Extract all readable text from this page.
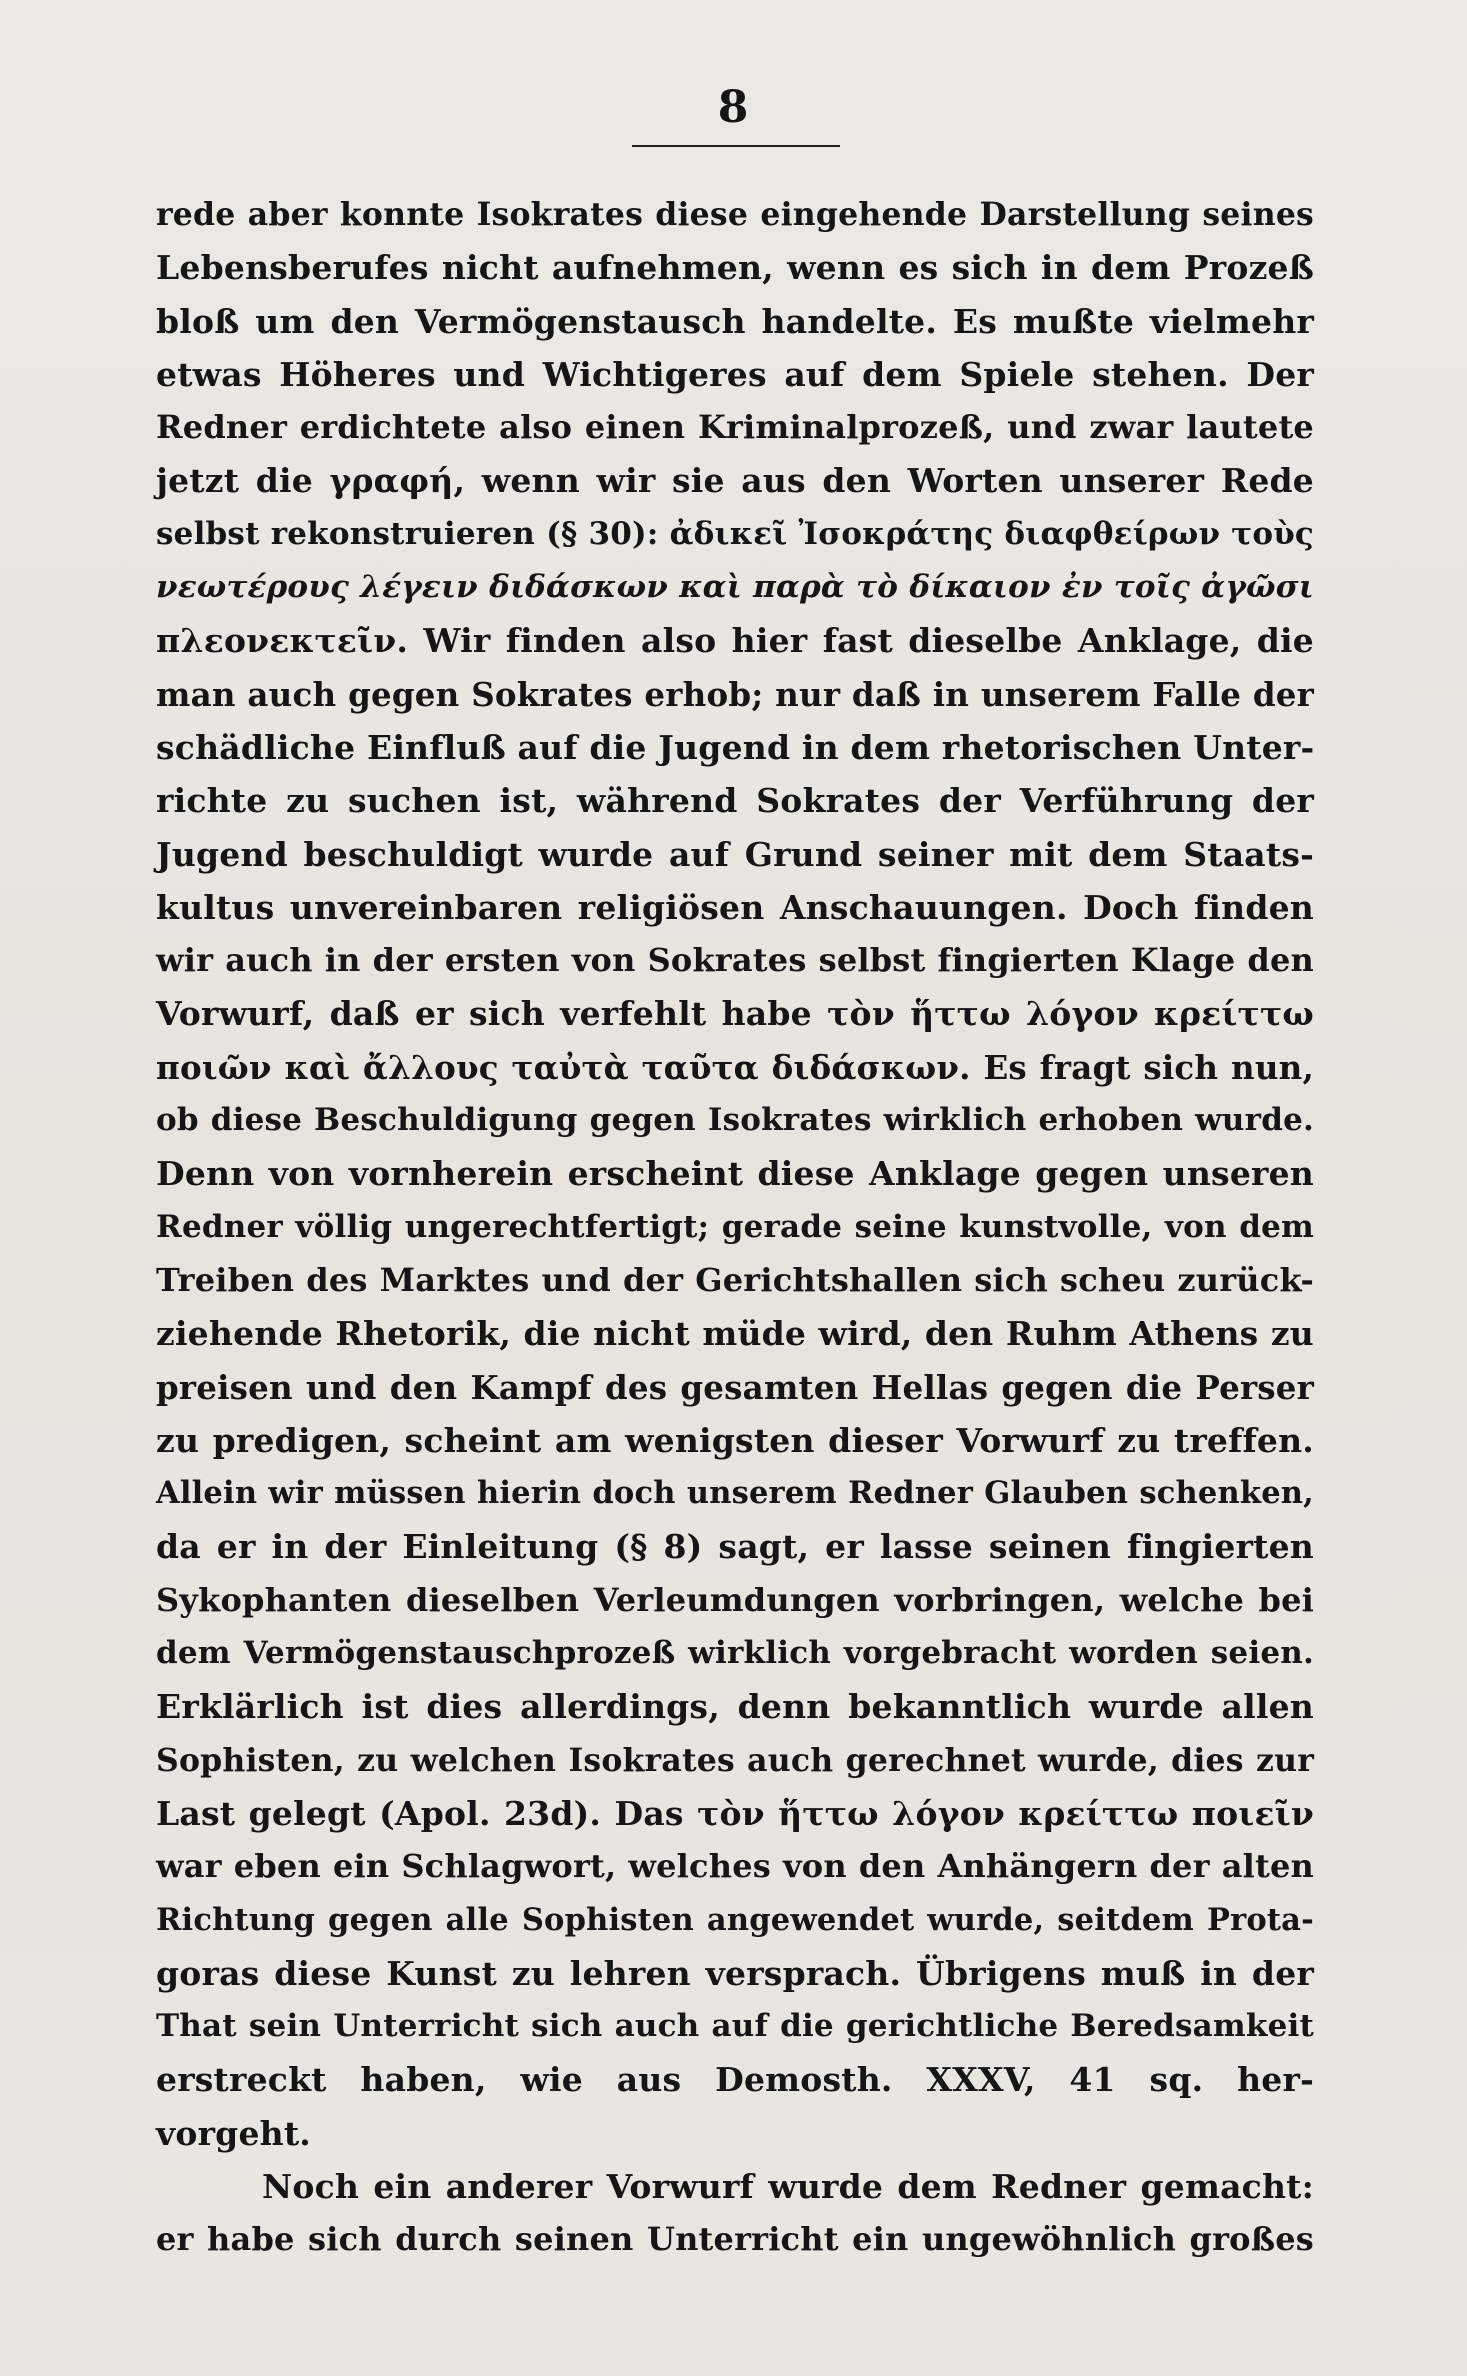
8
rede aber konnte Isokrates diese eingehende Darstellung seines
Lebensberufes nicht aufnehmen, wenn es sich in dem Prozeß
bloß um den Vermögenstausch handelte. Es mußte vielmehr
etwas Höheres und Wichtigeres auf dem Spiele stehen. Der
Redner erdichtete also einen Kriminalprozeß, und zwar lautete
jetzt die γραφή, wenn wir sie aus den Worten unserer Rede
selbst rekonstruieren (§ 30): ἀδικεῖ Ἰσοκράτης διαφθείρων τοὺς
νεωτέρους λέγειν διδάσκων καὶ παρὰ τὸ δίκαιον ἐν τοῖς ἀγῶσι
πλεονεκτεῖν. Wir finden also hier fast dieselbe Anklage, die
man auch gegen Sokrates erhob; nur daß in unserem Falle der
schädliche Einfluß auf die Jugend in dem rhetorischen Unter-
richte zu suchen ist, während Sokrates der Verführung der
Jugend beschuldigt wurde auf Grund seiner mit dem Staats-
kultus unvereinbaren religiösen Anschauungen. Doch finden
wir auch in der ersten von Sokrates selbst fingierten Klage den
Vorwurf, daß er sich verfehlt habe τὸν ἥττω λόγον κρείττω
ποιῶν καὶ ἄλλους ταὐτὰ ταῦτα διδάσκων. Es fragt sich nun,
ob diese Beschuldigung gegen Isokrates wirklich erhoben wurde.
Denn von vornherein erscheint diese Anklage gegen unseren
Redner völlig ungerechtfertigt; gerade seine kunstvolle, von dem
Treiben des Marktes und der Gerichtshallen sich scheu zurück-
ziehende Rhetorik, die nicht müde wird, den Ruhm Athens zu
preisen und den Kampf des gesamten Hellas gegen die Perser
zu predigen, scheint am wenigsten dieser Vorwurf zu treffen.
Allein wir müssen hierin doch unserem Redner Glauben schenken,
da er in der Einleitung (§ 8) sagt, er lasse seinen fingierten
Sykophanten dieselben Verleumdungen vorbringen, welche bei
dem Vermögenstauschprozeß wirklich vorgebracht worden seien.
Erklärlich ist dies allerdings, denn bekanntlich wurde allen
Sophisten, zu welchen Isokrates auch gerechnet wurde, dies zur
Last gelegt (Apol. 23d). Das τὸν ἥττω λόγον κρείττω ποιεῖν
war eben ein Schlagwort, welches von den Anhängern der alten
Richtung gegen alle Sophisten angewendet wurde, seitdem Prota-
goras diese Kunst zu lehren versprach. Übrigens muß in der
That sein Unterricht sich auch auf die gerichtliche Beredsamkeit
erstreckt haben, wie aus Demosth. XXXV, 41 sq. her-
vorgeht.
Noch ein anderer Vorwurf wurde dem Redner gemacht:
er habe sich durch seinen Unterricht ein ungewöhnlich großes
